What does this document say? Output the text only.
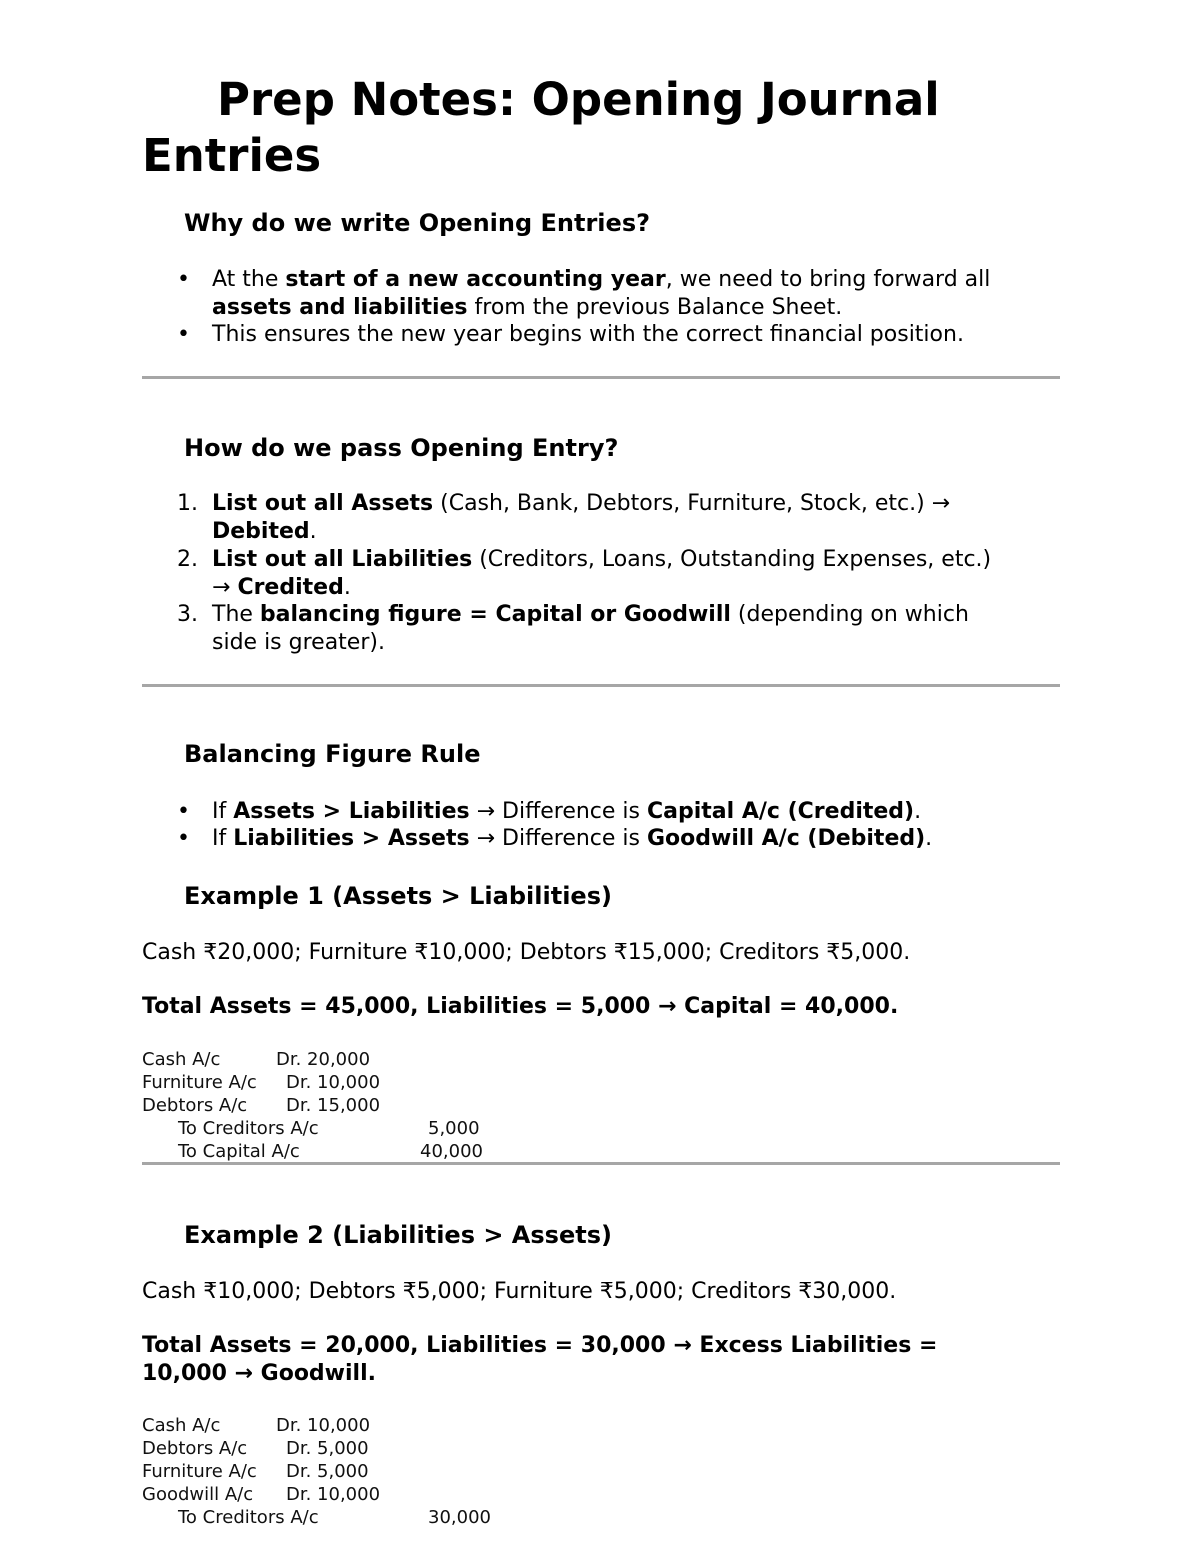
Prep Notes: Opening Journal Entries
Why do we write Opening Entries?
• At the start of a new accounting year, we need to bring forward all
assets and liabilities from the previous Balance Sheet.
• This ensures the new year begins with the correct financial position.
How do we pass Opening Entry?
1. List out all Assets (Cash, Bank, Debtors, Furniture, Stock, etc.) →
Debited.
2. List out all Liabilities (Creditors, Loans, Outstanding Expenses, etc.)
→ Credited.
3. The balancing figure = Capital or Goodwill (depending on which
side is greater).
Balancing Figure Rule
• If Assets > Liabilities → Difference is Capital A/c (Credited).
• If Liabilities > Assets → Difference is Goodwill A/c (Debited).
Example 1 (Assets > Liabilities)
Cash ₹20,000; Furniture ₹10,000; Debtors ₹15,000; Creditors ₹5,000.
Total Assets = 45,000, Liabilities = 5,000 → Capital = 40,000.
Cash A/c	Dr. 20,000
Furniture A/c Dr. 10,000
Debtors A/c Dr. 15,000
To Creditors A/c	5,000
To Capital A/c	40,000
Example 2 (Liabilities > Assets)
Cash ₹10,000; Debtors ₹5,000; Furniture ₹5,000; Creditors ₹30,000.
Total Assets = 20,000, Liabilities = 30,000 → Excess Liabilities =
10,000 → Goodwill.
Cash A/c	Dr. 10,000
Debtors A/c Dr. 5,000
Furniture A/c Dr. 5,000
Goodwill A/c Dr. 10,000
To Creditors A/c	30,000
